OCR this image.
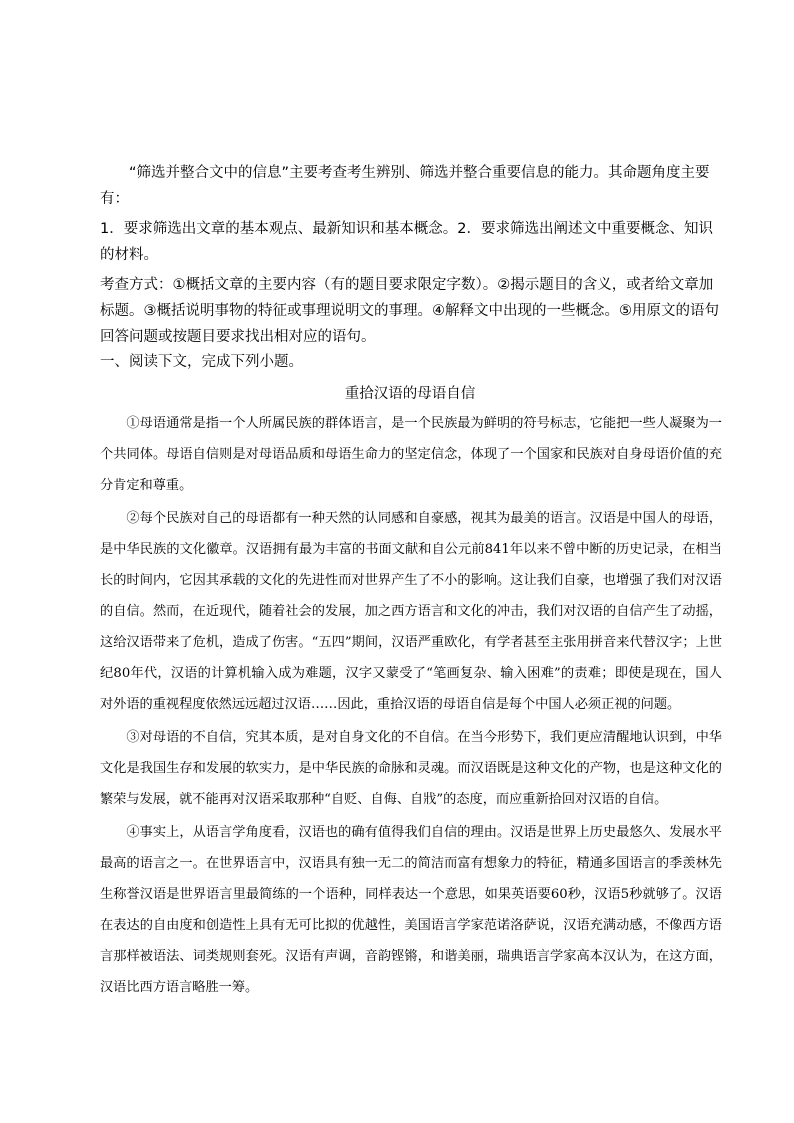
“筛选并整合文中的信息”主要考查考生辨别、筛选并整合重要信息的能力。其命题角度主要有：

1．要求筛选出文章的基本观点、最新知识和基本概念。2．要求筛选出阐述文中重要概念、知识的材料。

考查方式：①概括文章的主要内容（有的题目要求限定字数）。②揭示题目的含义，或者给文章加标题。③概括说明事物的特征或事理说明文的事理。④解释文中出现的一些概念。⑤用原文的语句回答问题或按题目要求找出相对应的语句。

一、阅读下文，完成下列小题。
重拾汉语的母语自信

①母语通常是指一个人所属民族的群体语言，是一个民族最为鲜明的符号标志，它能把一些人凝聚为一个共同体。母语自信则是对母语品质和母语生命力的坚定信念，体现了一个国家和民族对自身母语价值的充分肯定和尊重。

②每个民族对自己的母语都有一种天然的认同感和自豪感，视其为最美的语言。汉语是中国人的母语，是中华民族的文化徽章。汉语拥有最为丰富的书面文献和自公元前841年以来不曾中断的历史记录，在相当长的时间内，它因其承载的文化的先进性而对世界产生了不小的影响。这让我们自豪，也增强了我们对汉语的自信。然而，在近现代，随着社会的发展，加之西方语言和文化的冲击，我们对汉语的自信产生了动摇，这给汉语带来了危机，造成了伤害。“五四”期间，汉语严重欧化，有学者甚至主张用拼音来代替汉字；上世纪80年代，汉语的计算机输入成为难题，汉字又蒙受了“笔画复杂、输入困难”的责难；即使是现在，国人对外语的重视程度依然远远超过汉语……因此，重拾汉语的母语自信是每个中国人必须正视的问题。

③对母语的不自信，究其本质，是对自身文化的不自信。在当今形势下，我们更应清醒地认识到，中华文化是我国生存和发展的软实力，是中华民族的命脉和灵魂。而汉语既是这种文化的产物，也是这种文化的繁荣与发展，就不能再对汉语采取那种“自贬、自侮、自戕”的态度，而应重新拾回对汉语的自信。

④事实上，从语言学角度看，汉语也的确有值得我们自信的理由。汉语是世界上历史最悠久、发展水平最高的语言之一。在世界语言中，汉语具有独一无二的简洁而富有想象力的特征，精通多国语言的季羡林先生称誉汉语是世界语言里最简练的一个语种，同样表达一个意思，如果英语要60秒，汉语5秒就够了。汉语在表达的自由度和创造性上具有无可比拟的优越性，美国语言学家范诺洛萨说，汉语充满动感，不像西方语言那样被语法、词类规则套死。汉语有声调，音韵铿锵，和谐美丽，瑞典语言学家高本汉认为，在这方面，汉语比西方语言略胜一筹。
